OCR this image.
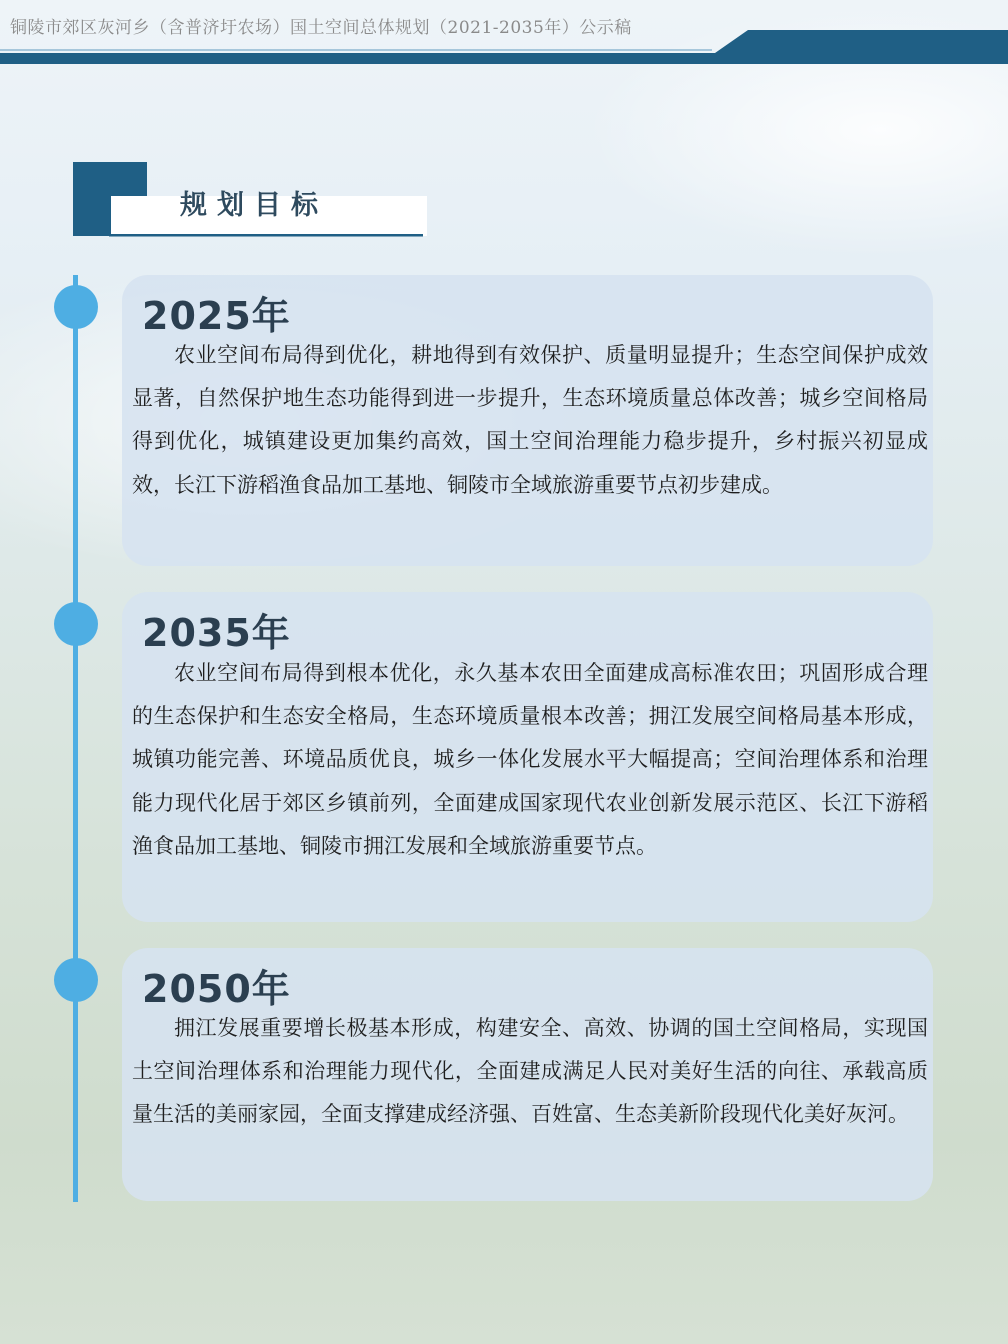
铜陵市郊区灰河乡（含普济圩农场）国土空间总体规划（2021-2035年）公示稿
规划目标
2025年
农业空间布局得到优化，耕地得到有效保护、质量明显提升；生态空间保护成效显著，自然保护地生态功能得到进一步提升，生态环境质量总体改善；城乡空间格局得到优化，城镇建设更加集约高效，国土空间治理能力稳步提升，乡村振兴初显成效，长江下游稻渔食品加工基地、铜陵市全域旅游重要节点初步建成。
2035年
农业空间布局得到根本优化，永久基本农田全面建成高标准农田；巩固形成合理的生态保护和生态安全格局，生态环境质量根本改善；拥江发展空间格局基本形成，城镇功能完善、环境品质优良，城乡一体化发展水平大幅提高；空间治理体系和治理能力现代化居于郊区乡镇前列，全面建成国家现代农业创新发展示范区、长江下游稻渔食品加工基地、铜陵市拥江发展和全域旅游重要节点。
2050年
拥江发展重要增长极基本形成，构建安全、高效、协调的国土空间格局，实现国土空间治理体系和治理能力现代化，全面建成满足人民对美好生活的向往、承载高质量生活的美丽家园，全面支撑建成经济强、百姓富、生态美新阶段现代化美好灰河。
